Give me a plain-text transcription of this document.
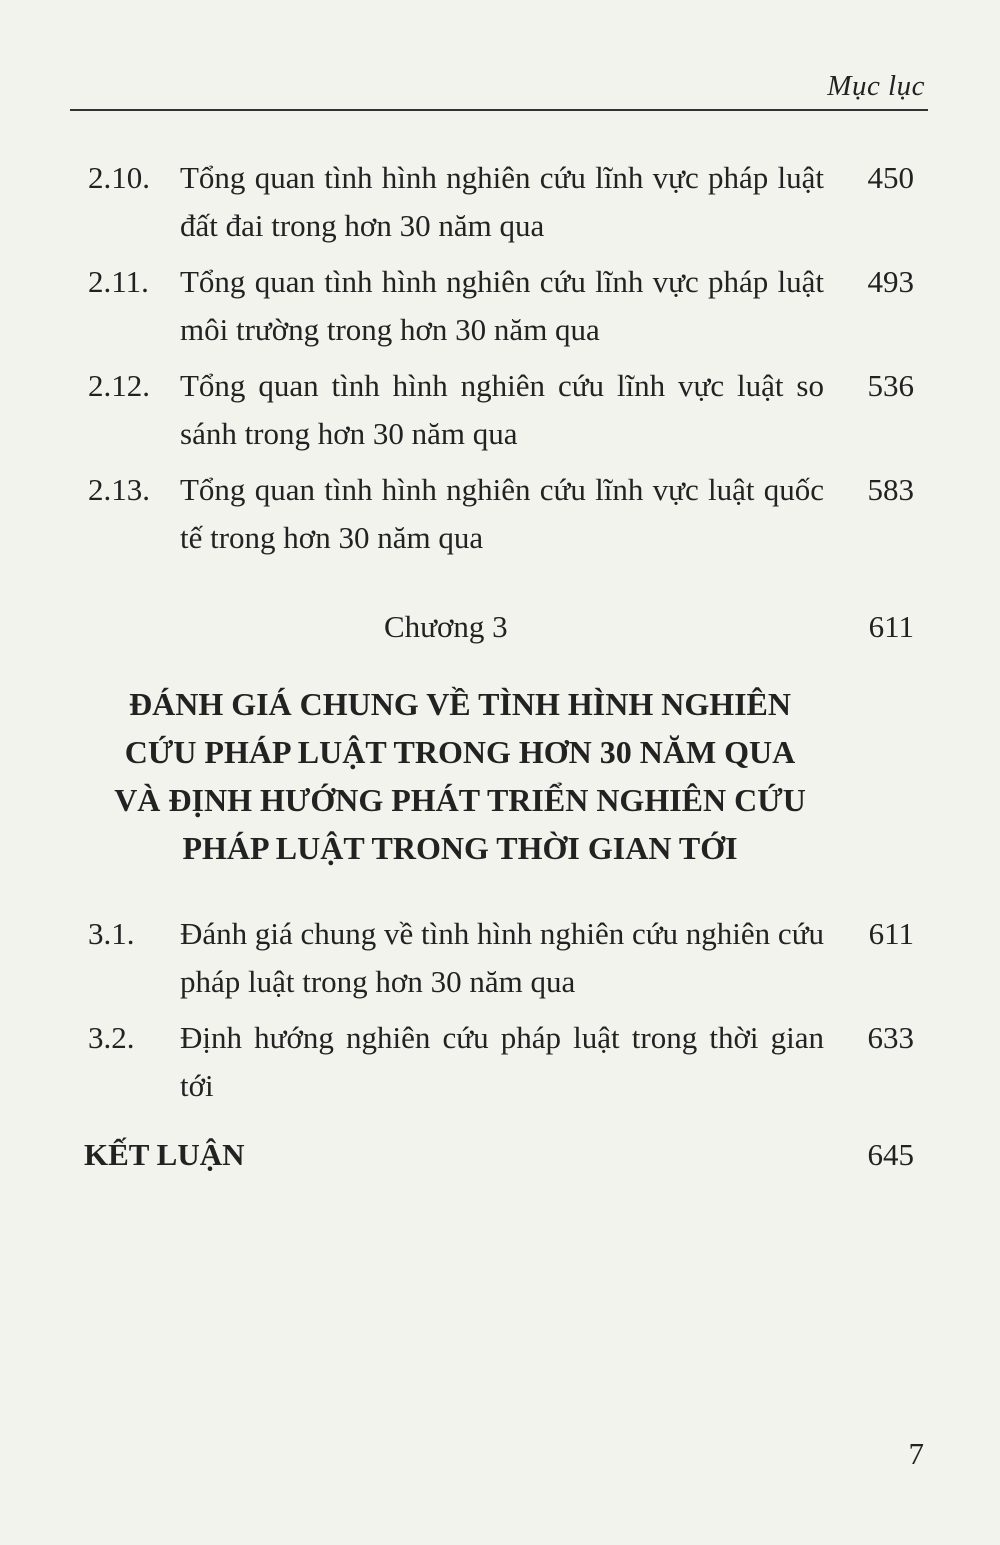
Mục lục
2.10. Tổng quan tình hình nghiên cứu lĩnh vực pháp luật đất đai trong hơn 30 năm qua
450
2.11. Tổng quan tình hình nghiên cứu lĩnh vực pháp luật môi trường trong hơn 30 năm qua
493
2.12. Tổng quan tình hình nghiên cứu lĩnh vực luật so sánh trong hơn 30 năm qua
536
2.13. Tổng quan tình hình nghiên cứu lĩnh vực luật quốc tế trong hơn 30 năm qua
583
Chương 3	611
ĐÁNH GIÁ CHUNG VỀ TÌNH HÌNH NGHIÊN
CỨU PHÁP LUẬT TRONG HƠN 30 NĂM QUA
VÀ ĐỊNH HƯỚNG PHÁT TRIỂN NGHIÊN CỨU
PHÁP LUẬT TRONG THỜI GIAN TỚI
3.1. Đánh giá chung về tình hình nghiên cứu nghiên cứu pháp luật trong hơn 30 năm qua
611
3.2. Định hướng nghiên cứu pháp luật trong thời gian tới
633
KẾT LUẬN	645
7
